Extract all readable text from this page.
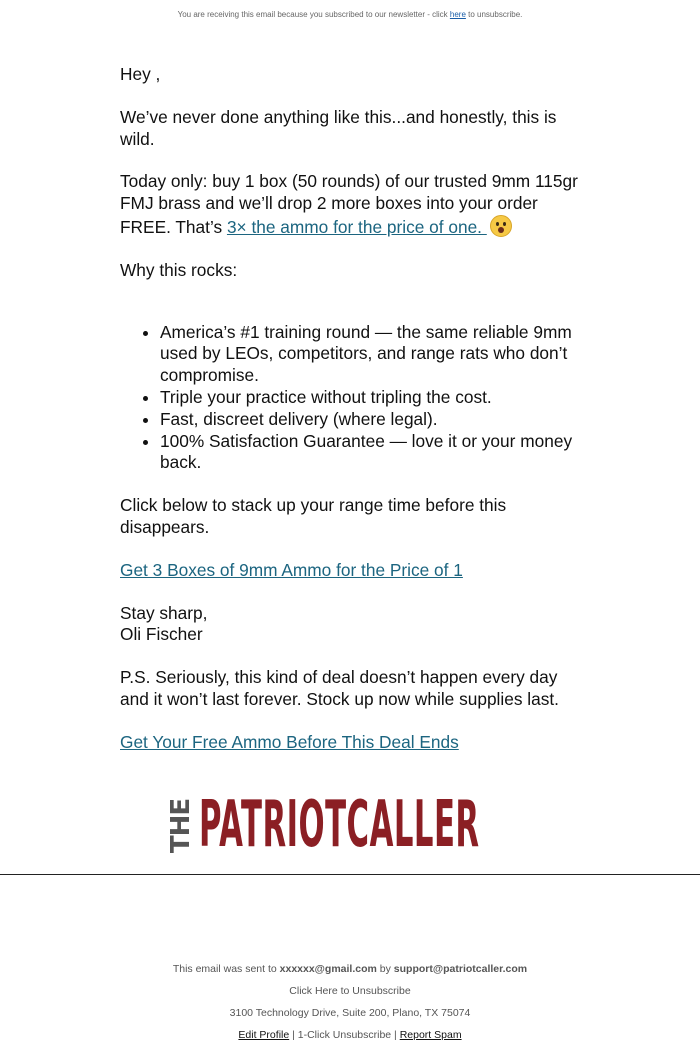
You are receiving this email because you subscribed to our newsletter - click here to unsubscribe.

Hey ,

We’ve never done anything like this...and honestly, this is wild.

Today only: buy 1 box (50 rounds) of our trusted 9mm 115gr FMJ brass and we’ll drop 2 more boxes into your order FREE. That’s 3× the ammo for the price of one.

Why this rocks:

• America’s #1 training round — the same reliable 9mm used by LEOs, competitors, and range rats who don’t compromise.
• Triple your practice without tripling the cost.
• Fast, discreet delivery (where legal).
• 100% Satisfaction Guarantee — love it or your money back.

Click below to stack up your range time before this disappears.

Get 3 Boxes of 9mm Ammo for the Price of 1

Stay sharp,
Oli Fischer

P.S. Seriously, this kind of deal doesn’t happen every day and it won’t last forever. Stock up now while supplies last.

Get Your Free Ammo Before This Deal Ends

THE PATRIOTCALLER

This email was sent to xxxxxx@gmail.com by support@patriotcaller.com

Click Here to Unsubscribe

3100 Technology Drive, Suite 200, Plano, TX 75074

Edit Profile | 1-Click Unsubscribe | Report Spam
